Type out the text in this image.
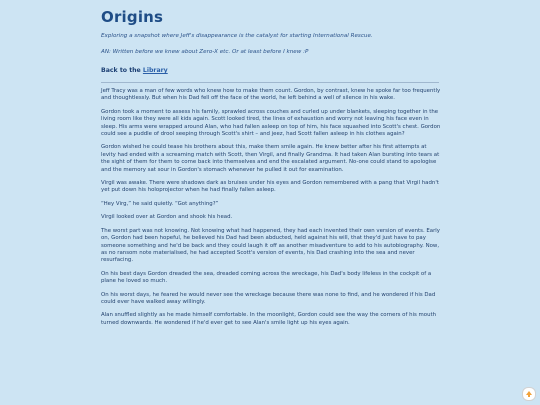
Origins
Exploring a snapshot where Jeff's disappearance is the catalyst for starting International Rescue.
AN: Written before we knew about Zero-X etc. Or at least before I knew :P
Back to the Library

Jeff Tracy was a man of few words who knew how to make them count. Gordon, by contrast, knew he spoke far too frequently and thoughtlessly. But when his Dad fell off the face of the world, he left behind a well of silence in his wake.

Gordon took a moment to assess his family, sprawled across couches and curled up under blankets, sleeping together in the living room like they were all kids again. Scott looked tired, the lines of exhaustion and worry not leaving his face even in sleep. His arms were wrapped around Alan, who had fallen asleep on top of him, his face squashed into Scott's chest. Gordon could see a puddle of drool seeping through Scott's shirt – and jeez, had Scott fallen asleep in his clothes again?

Gordon wished he could tease his brothers about this, make them smile again. He knew better after his first attempts at levity had ended with a screaming match with Scott, then Virgil, and finally Grandma. It had taken Alan bursting into tears at the sight of them for them to come back into themselves and end the escalated argument. No-one could stand to apologise and the memory sat sour in Gordon's stomach whenever he pulled it out for examination.

Virgil was awake. There were shadows dark as bruises under his eyes and Gordon remembered with a pang that Virgil hadn't yet put down his holoprojector when he had finally fallen asleep.

“Hey Virg,” he said quietly. “Got anything?”

Virgil looked over at Gordon and shook his head.

The worst part was not knowing. Not knowing what had happened, they had each invented their own version of events. Early on, Gordon had been hopeful, he believed his Dad had been abducted, held against his will, that they'd just have to pay someone something and he'd be back and they could laugh it off as another misadventure to add to his autobiography. Now, as no ransom note materialised, he had accepted Scott's version of events, his Dad crashing into the sea and never resurfacing.

On his best days Gordon dreaded the sea, dreaded coming across the wreckage, his Dad's body lifeless in the cockpit of a plane he loved so much.

On his worst days, he feared he would never see the wreckage because there was none to find, and he wondered if his Dad could ever have walked away willingly.

Alan snuffled slightly as he made himself comfortable. In the moonlight, Gordon could see the way the corners of his mouth turned downwards. He wondered if he'd ever get to see Alan's smile light up his eyes again.
